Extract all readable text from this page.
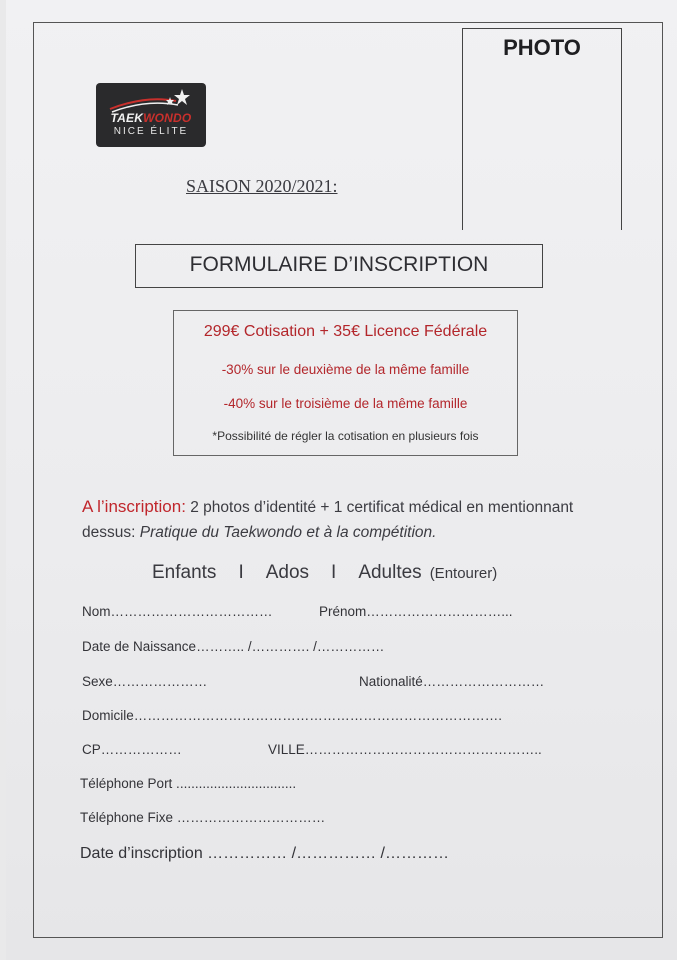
PHOTO
TAEKWONDO
NICE ÉLITE
SAISON 2020/2021:
FORMULAIRE D’INSCRIPTION
299€ Cotisation + 35€ Licence Fédérale
-30% sur le deuxième de la même famille
-40% sur le troisième de la même famille
*Possibilité de régler la cotisation en plusieurs fois
A l’inscription: 2 photos d’identité + 1 certificat médical en mentionnant dessus: Pratique du Taekwondo et à la compétition.
Enfants I Ados I Adultes (Entourer)
Nom………………………………	Prénom…………………………...
Date de Naissance……….. /…………. /……………
Sexe…………………	Nationalité………………………
Domicile……………………………………………………………………….
CP………………	VILLE……………………………………………..
Téléphone Port ................................
Téléphone Fixe ……………………………
Date d’inscription …………… /…………… /…………
